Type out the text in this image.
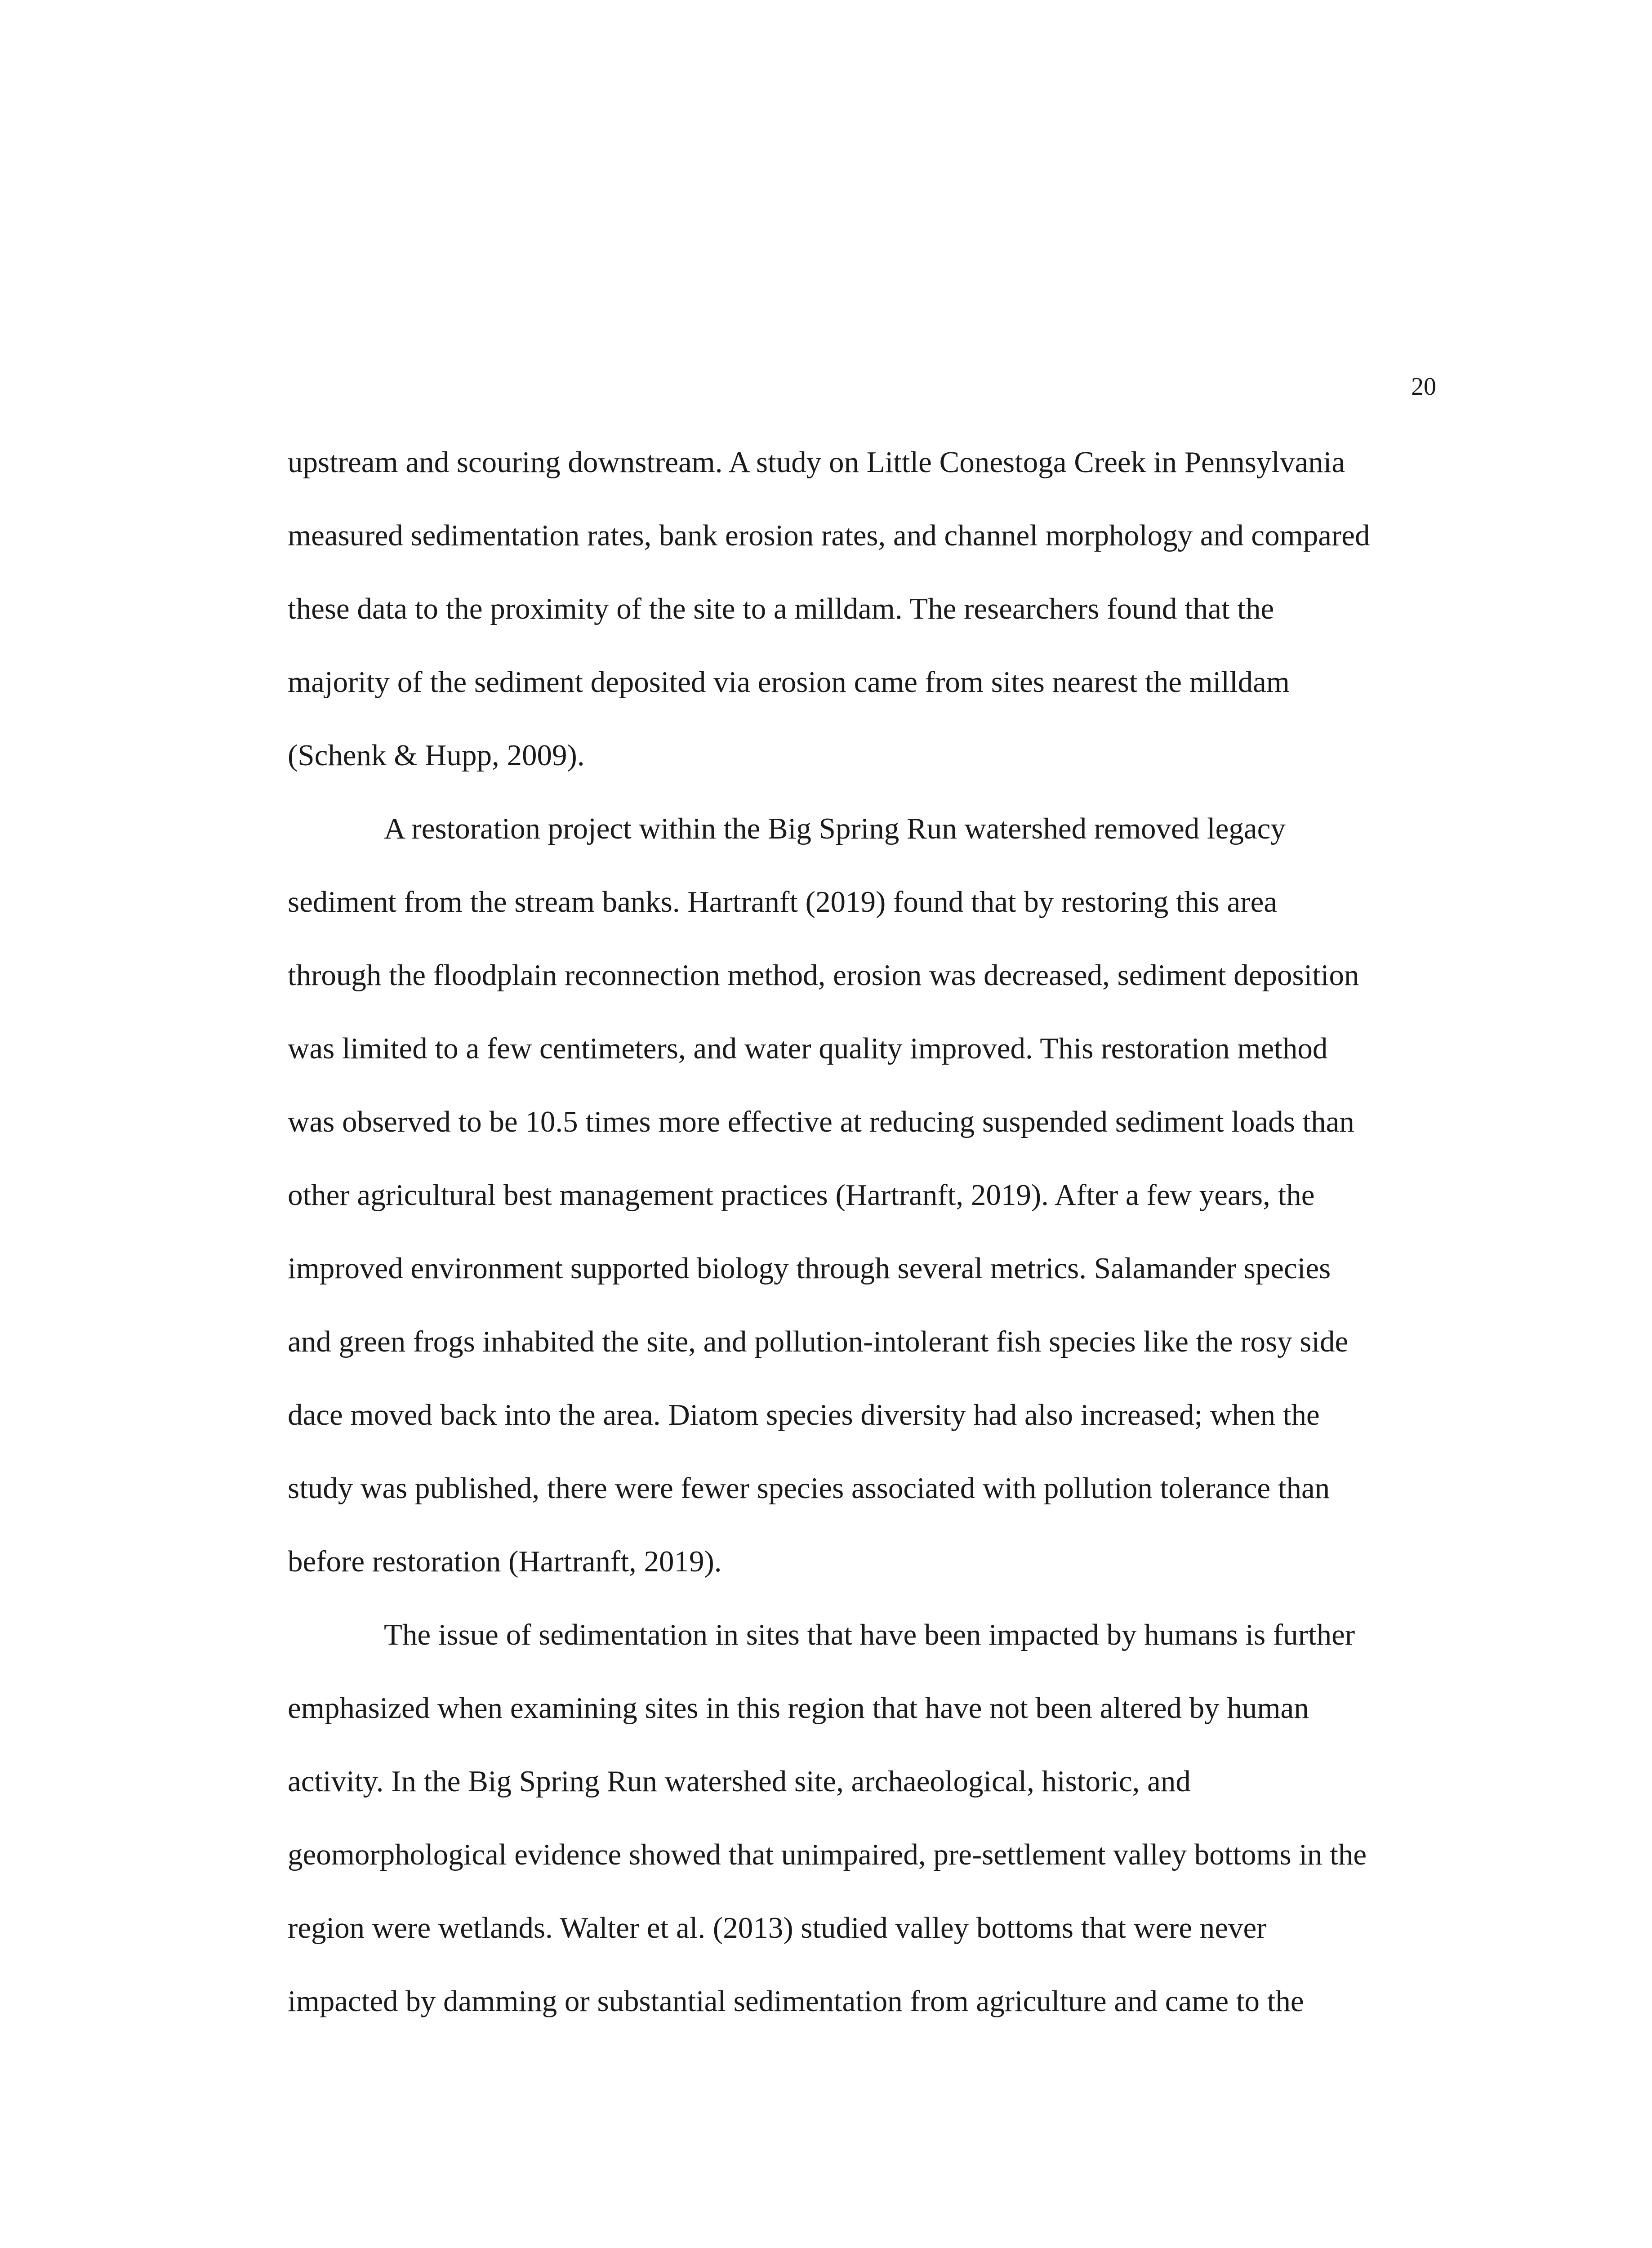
20
upstream and scouring downstream. A study on Little Conestoga Creek in Pennsylvania
measured sedimentation rates, bank erosion rates, and channel morphology and compared
these data to the proximity of the site to a milldam. The researchers found that the
majority of the sediment deposited via erosion came from sites nearest the milldam
(Schenk & Hupp, 2009).
A restoration project within the Big Spring Run watershed removed legacy
sediment from the stream banks. Hartranft (2019) found that by restoring this area
through the floodplain reconnection method, erosion was decreased, sediment deposition
was limited to a few centimeters, and water quality improved. This restoration method
was observed to be 10.5 times more effective at reducing suspended sediment loads than
other agricultural best management practices (Hartranft, 2019). After a few years, the
improved environment supported biology through several metrics. Salamander species
and green frogs inhabited the site, and pollution-intolerant fish species like the rosy side
dace moved back into the area. Diatom species diversity had also increased; when the
study was published, there were fewer species associated with pollution tolerance than
before restoration (Hartranft, 2019).
The issue of sedimentation in sites that have been impacted by humans is further
emphasized when examining sites in this region that have not been altered by human
activity. In the Big Spring Run watershed site, archaeological, historic, and
geomorphological evidence showed that unimpaired, pre-settlement valley bottoms in the
region were wetlands. Walter et al. (2013) studied valley bottoms that were never
impacted by damming or substantial sedimentation from agriculture and came to the
